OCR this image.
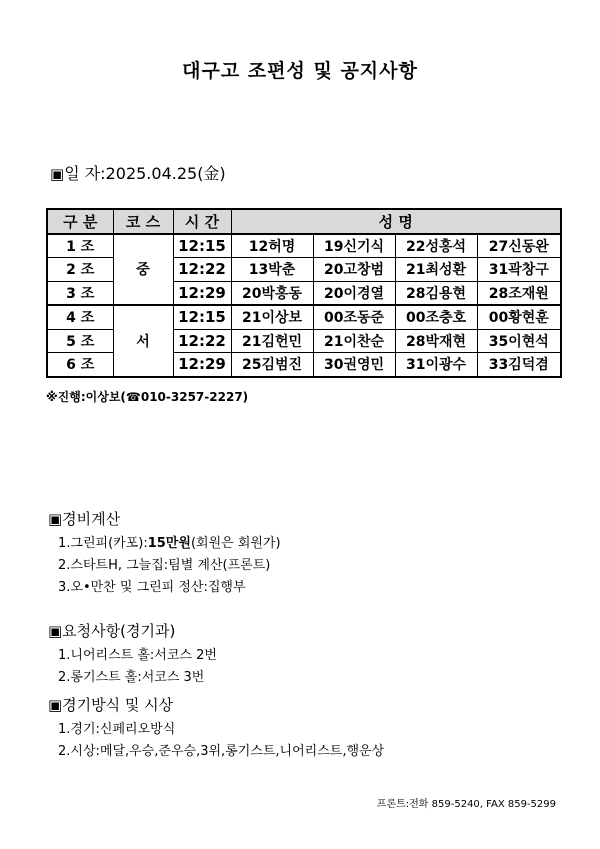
대구고 조편성 및 공지사항
▣일 자:2025.04.25(金)
구 분	코 스	시 간	성 명			
1 조	중	12:15	12허명	19신기식	22성홍석	27신동완
2 조		12:22	13박춘	20고창범	21최성환	31곽창구
3 조		12:29	20박홍동	20이경열	28김용현	28조재원
4 조	서	12:15	21이상보	00조동준	00조충호	00황현훈
5 조		12:22	21김헌민	21이찬순	28박재현	35이현석
6 조		12:29	25김범진	30권영민	31이광수	33김덕겸
※진행:이상보(☎010-3257-2227)
▣경비계산
1.그린피(카포):15만원(회원은 회원가)
2.스타트H, 그늘집:팀별 계산(프론트)
3.오•만찬 및 그린피 정산:집행부
▣요청사항(경기과)
1.니어리스트 홀:서코스 2번
2.롱기스트 홀:서코스 3번
▣경기방식 및 시상
1.경기:신페리오방식
2.시상:메달,우승,준우승,3위,롱기스트,니어리스트,행운상
프론트:전화 859-5240, FAX 859-5299
